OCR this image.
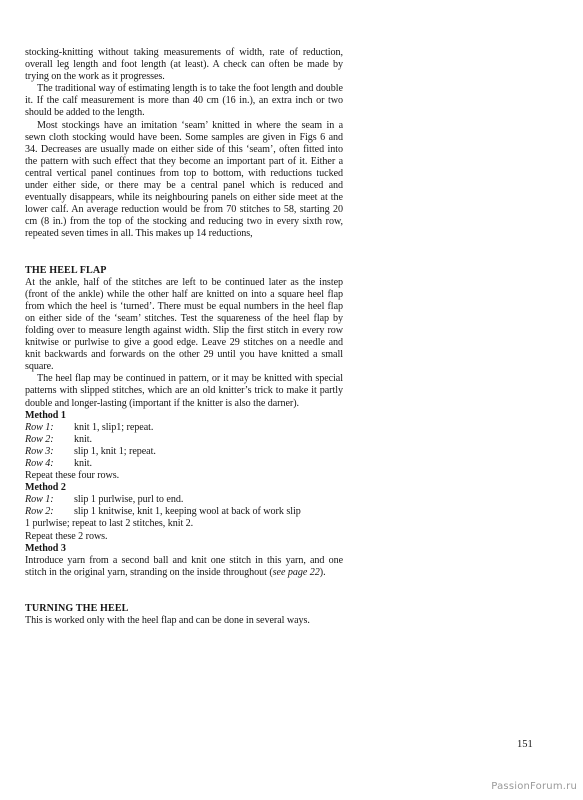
stocking-knitting without taking measurements of width, rate of reduction, overall leg length and foot length (at least). A check can often be made by trying on the work as it progresses.

The traditional way of estimating length is to take the foot length and double it. If the calf measurement is more than 40 cm (16 in.), an extra inch or two should be added to the length.

Most stockings have an imitation ‘seam’ knitted in where the seam in a sewn cloth stocking would have been. Some samples are given in Figs 6 and 34. Decreases are usually made on either side of this ‘seam’, often fitted into the pattern with such effect that they become an important part of it. Either a central vertical panel continues from top to bottom, with reductions tucked under either side, or there may be a central panel which is reduced and eventually disappears, while its neighbouring panels on either side meet at the lower calf. An average reduction would be from 70 stitches to 58, starting 20 cm (8 in.) from the top of the stocking and reducing two in every sixth row, repeated seven times in all. This makes up 14 reductions,

THE HEEL FLAP

At the ankle, half of the stitches are left to be continued later as the instep (front of the ankle) while the other half are knitted on into a square heel flap from which the heel is ‘turned’. There must be equal numbers in the heel flap on either side of the ‘seam’ stitches. Test the squareness of the heel flap by folding over to measure length against width. Slip the first stitch in every row knitwise or purlwise to give a good edge. Leave 29 stitches on a needle and knit backwards and forwards on the other 29 until you have knitted a small square.

The heel flap may be continued in pattern, or it may be knitted with special patterns with slipped stitches, which are an old knitter’s trick to make it partly double and longer-lasting (important if the knitter is also the darner).

Method 1

Row 1:	knit 1, slip1; repeat.
Row 2:	knit.
Row 3:	slip 1, knit 1; repeat.
Row 4:	knit.

Repeat these four rows.

Method 2

Row 1:	slip 1 purlwise, purl to end.
Row 2:	slip 1 knitwise, knit 1, keeping wool at back of work slip

1 purlwise; repeat to last 2 stitches, knit 2.

Repeat these 2 rows.

Method 3

Introduce yarn from a second ball and knit one stitch in this yarn, and one stitch in the original yarn, stranding on the inside throughout (see page 22).

TURNING THE HEEL

This is worked only with the heel flap and can be done in several ways.

151
PassionForum.ru
